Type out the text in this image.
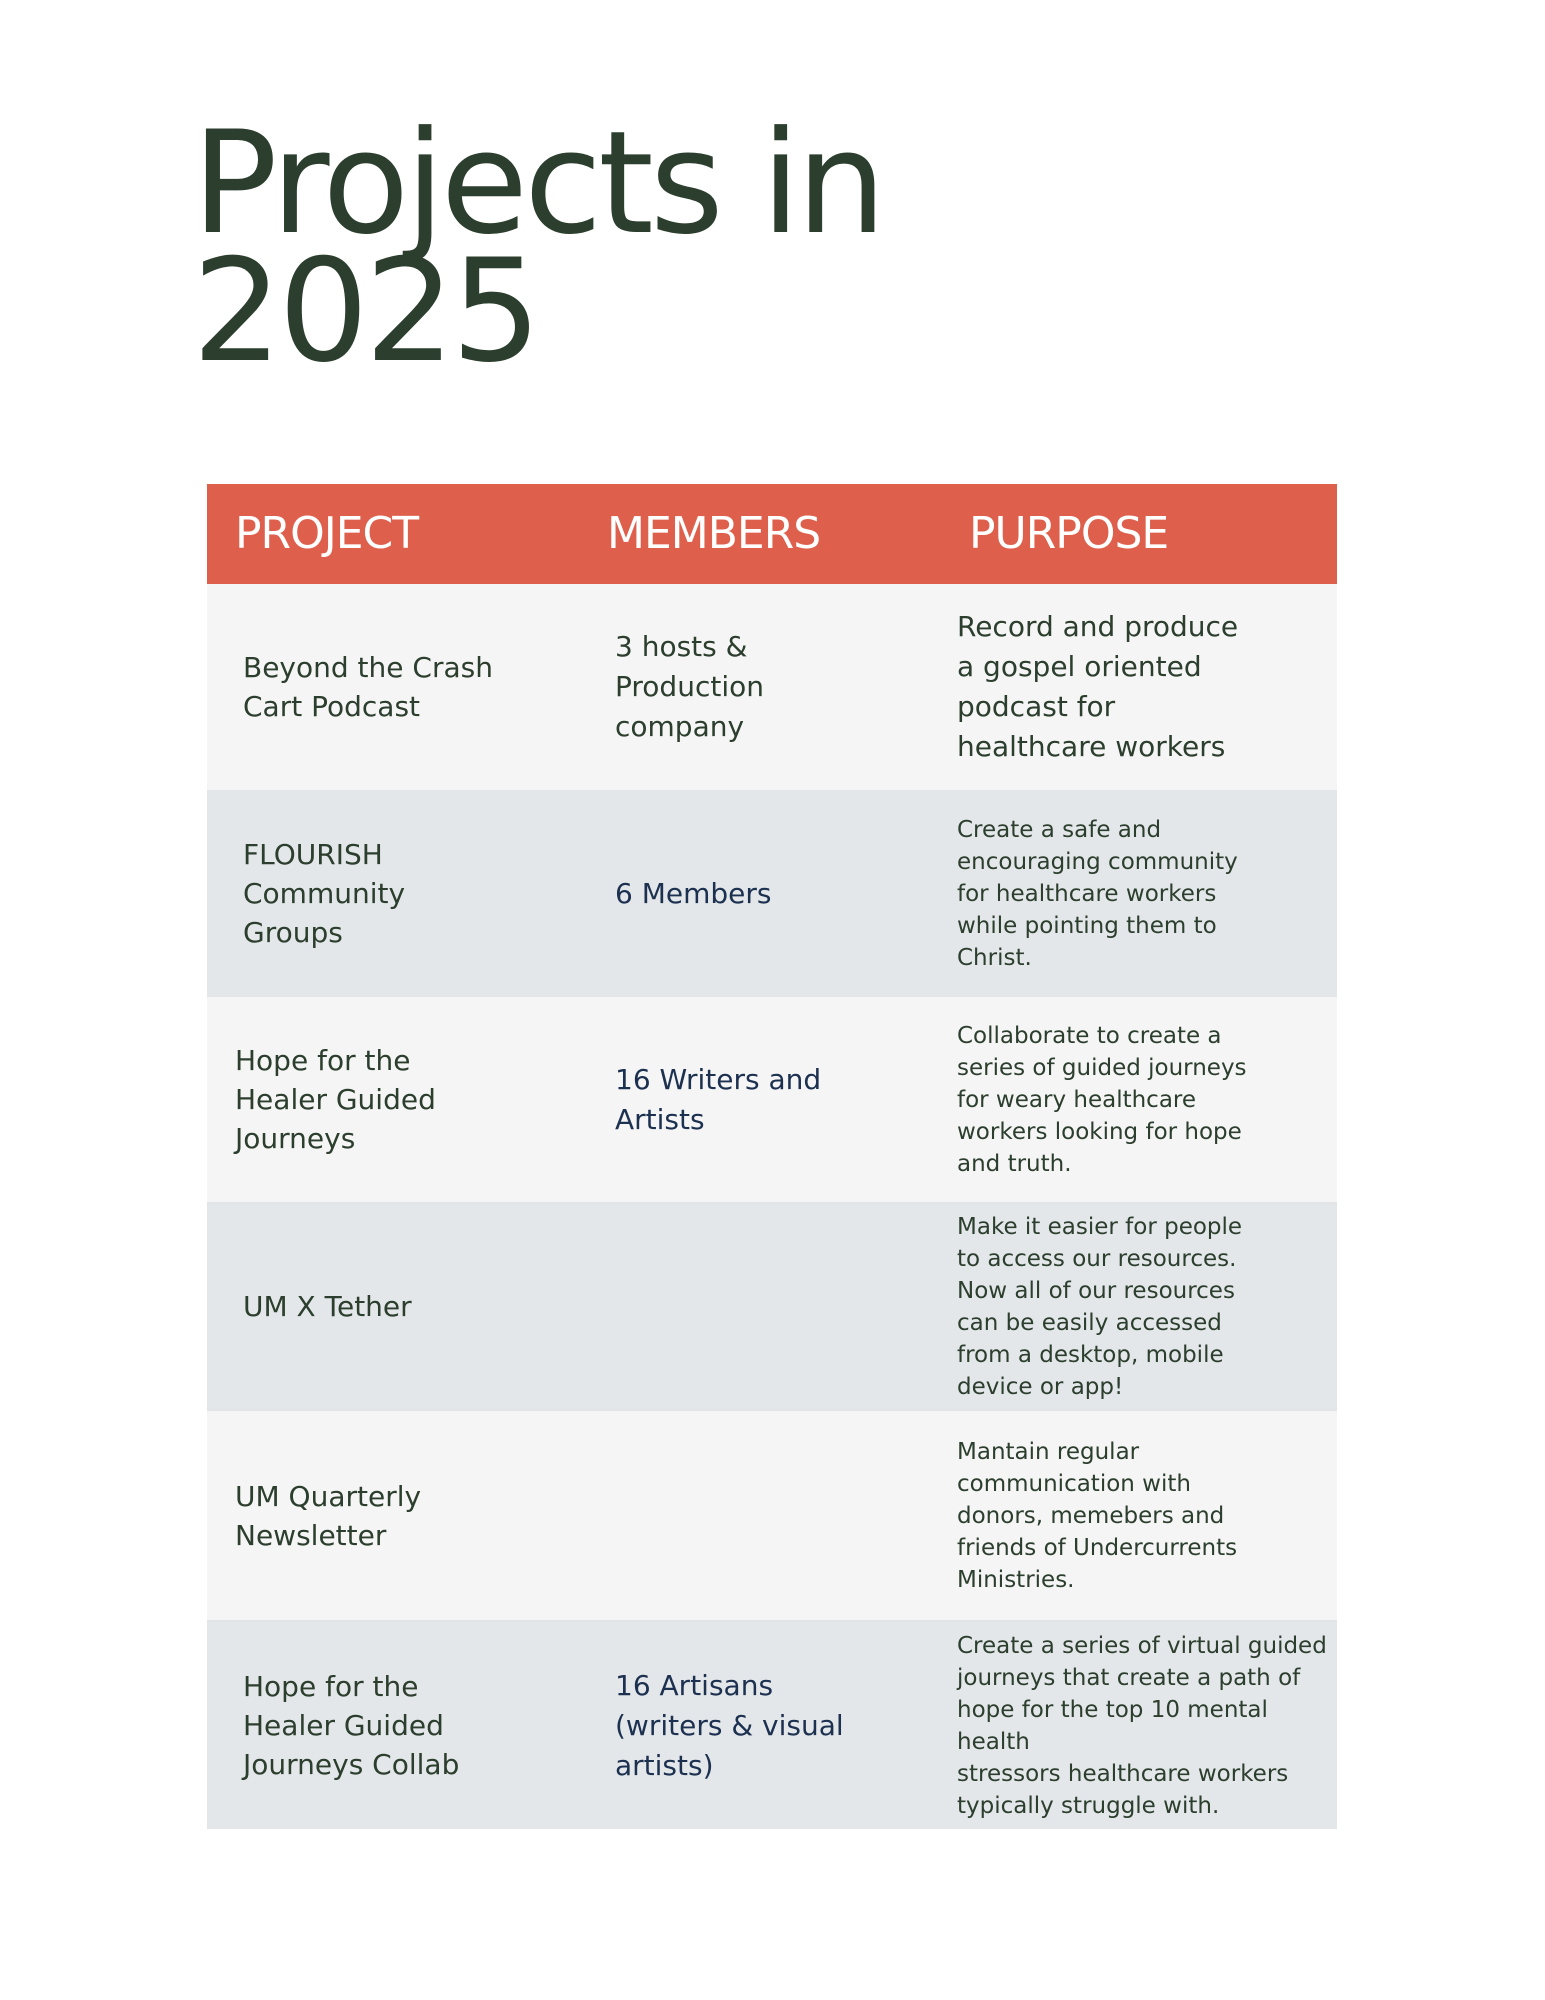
Projects in
2025
PROJECT	MEMBERS	PURPOSE
Beyond the Crash
Cart Podcast
3 hosts &
Production
company
Record and produce
a gospel oriented
podcast for
healthcare workers
FLOURISH
Community
Groups
6 Members
Create a safe and
encouraging community
for healthcare workers
while pointing them to
Christ.
Hope for the
Healer Guided
Journeys
16 Writers and
Artists
Collaborate to create a
series of guided journeys
for weary healthcare
workers looking for hope
and truth.
UM X Tether
Make it easier for people
to access our resources.
Now all of our resources
can be easily accessed
from a desktop, mobile
device or app!
UM Quarterly
Newsletter
Mantain regular
communication with
donors, memebers and
friends of Undercurrents
Ministries.
Hope for the
Healer Guided
Journeys Collab
16 Artisans
(writers & visual
artists)
Create a series of virtual guided
journeys that create a path of
hope for the top 10 mental health
stressors healthcare workers
typically struggle with.
